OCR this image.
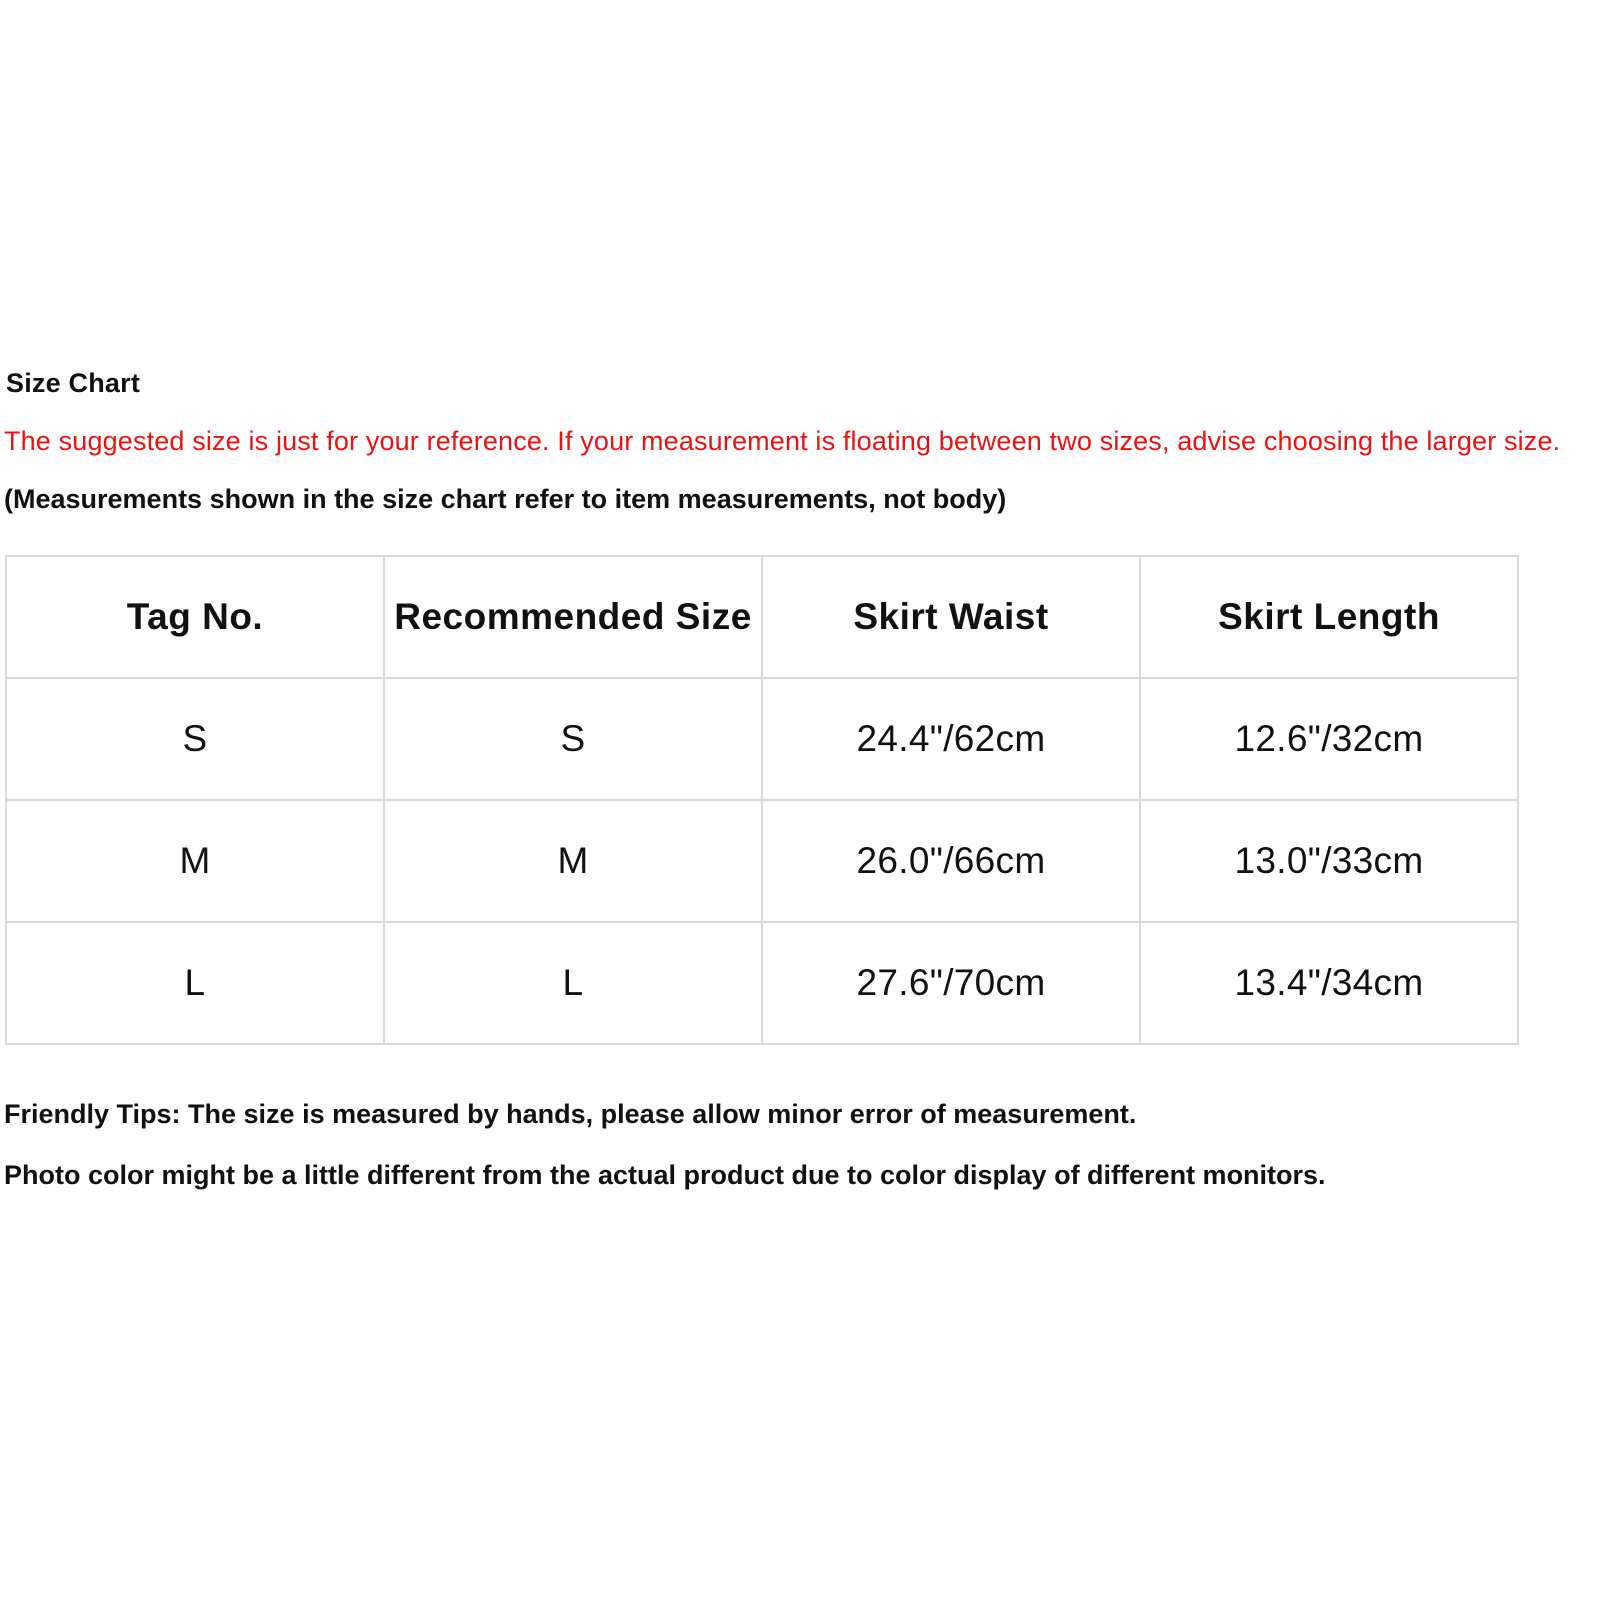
Size Chart
The suggested size is just for your reference. If your measurement is floating between two sizes, advise choosing the larger size.
(Measurements shown in the size chart refer to item measurements, not body)
Tag No.	Recommended Size	Skirt Waist	Skirt Length
S	S	24.4"/62cm	12.6"/32cm
M	M	26.0"/66cm	13.0"/33cm
L	L	27.6"/70cm	13.4"/34cm
Friendly Tips: The size is measured by hands, please allow minor error of measurement.
Photo color might be a little different from the actual product due to color display of different monitors.
